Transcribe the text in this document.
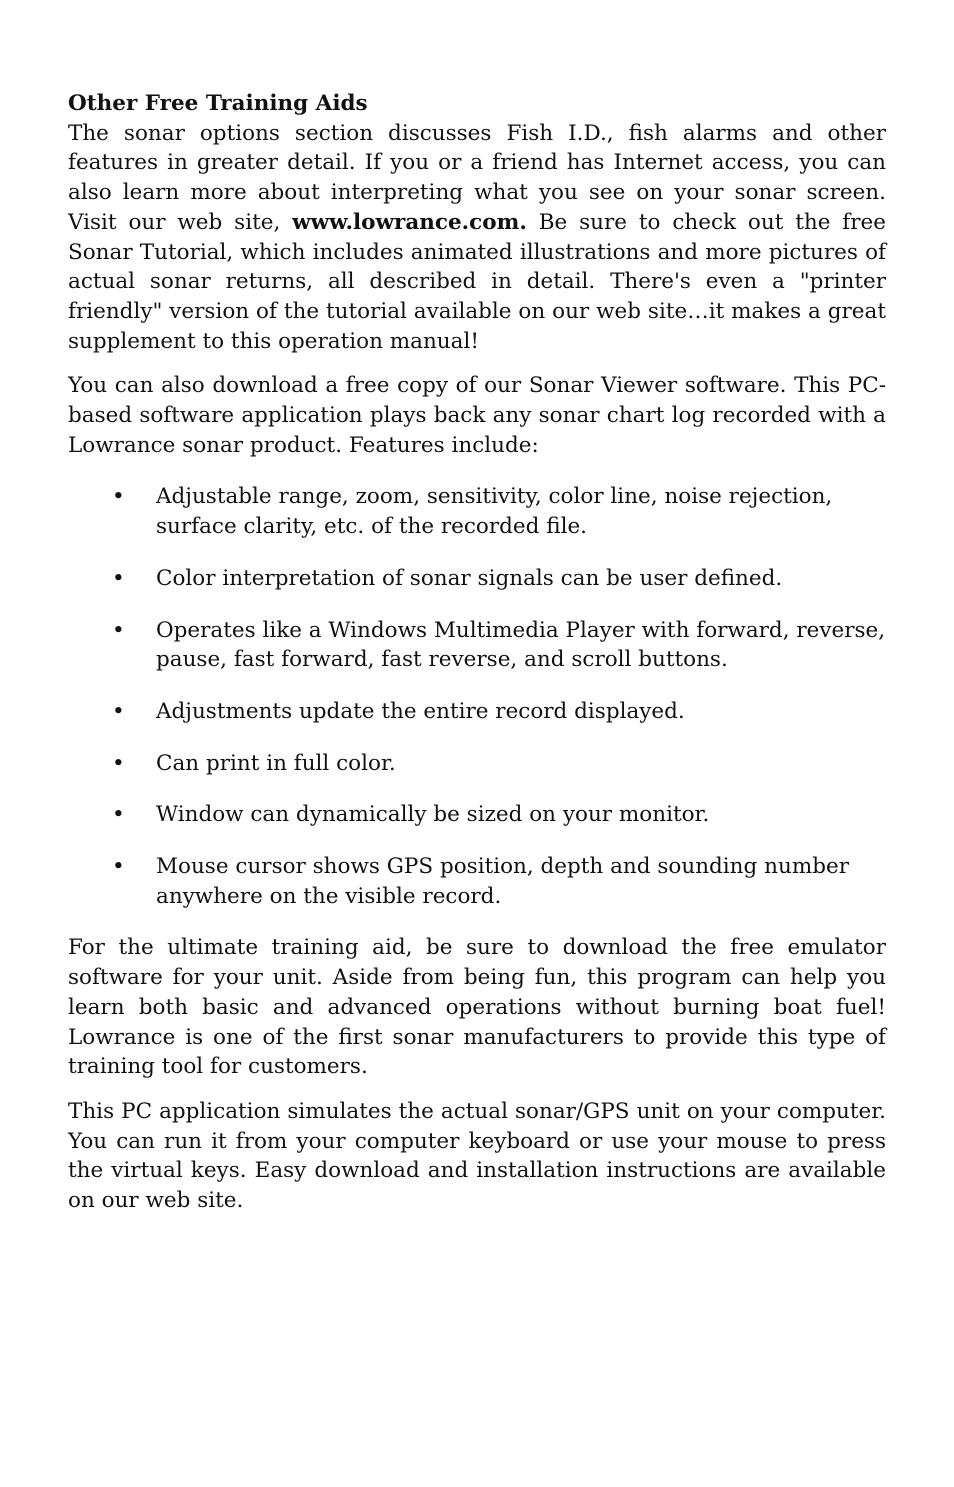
Other Free Training Aids

The sonar options section discusses Fish I.D., fish alarms and other features in greater detail. If you or a friend has Internet access, you can also learn more about interpreting what you see on your sonar screen. Visit our web site, www.lowrance.com. Be sure to check out the free Sonar Tutorial, which includes animated illustrations and more pictures of actual sonar returns, all described in detail. There's even a "printer friendly" version of the tutorial available on our web site…it makes a great supplement to this operation manual!

You can also download a free copy of our Sonar Viewer software. This PC-based software application plays back any sonar chart log recorded with a Lowrance sonar product. Features include:

• Adjustable range, zoom, sensitivity, color line, noise rejection, surface clarity, etc. of the recorded file.
• Color interpretation of sonar signals can be user defined.
• Operates like a Windows Multimedia Player with forward, reverse, pause, fast forward, fast reverse, and scroll buttons.
• Adjustments update the entire record displayed.
• Can print in full color.
• Window can dynamically be sized on your monitor.
• Mouse cursor shows GPS position, depth and sounding number anywhere on the visible record.

For the ultimate training aid, be sure to download the free emulator software for your unit. Aside from being fun, this program can help you learn both basic and advanced operations without burning boat fuel! Lowrance is one of the first sonar manufacturers to provide this type of training tool for customers.

This PC application simulates the actual sonar/GPS unit on your computer. You can run it from your computer keyboard or use your mouse to press the virtual keys. Easy download and installation instructions are available on our web site.
